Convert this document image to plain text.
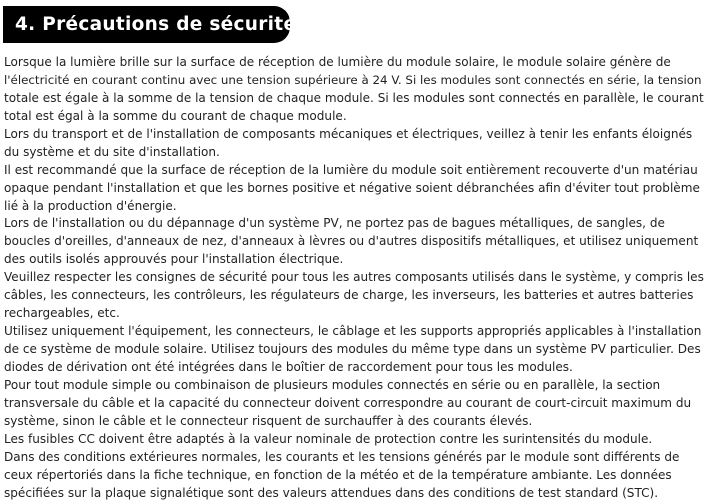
4. Précautions de sécurité
Lorsque la lumière brille sur la surface de réception de lumière du module solaire, le module solaire génère de
l'électricité en courant continu avec une tension supérieure à 24 V. Si les modules sont connectés en série, la tension
totale est égale à la somme de la tension de chaque module. Si les modules sont connectés en parallèle, le courant
total est égal à la somme du courant de chaque module.
Lors du transport et de l'installation de composants mécaniques et électriques, veillez à tenir les enfants éloignés
du système et du site d'installation.
Il est recommandé que la surface de réception de la lumière du module soit entièrement recouverte d'un matériau
opaque pendant l'installation et que les bornes positive et négative soient débranchées afin d'éviter tout problème
lié à la production d'énergie.
Lors de l'installation ou du dépannage d'un système PV, ne portez pas de bagues métalliques, de sangles, de
boucles d'oreilles, d'anneaux de nez, d'anneaux à lèvres ou d'autres dispositifs métalliques, et utilisez uniquement
des outils isolés approuvés pour l'installation électrique.
Veuillez respecter les consignes de sécurité pour tous les autres composants utilisés dans le système, y compris les
câbles, les connecteurs, les contrôleurs, les régulateurs de charge, les inverseurs, les batteries et autres batteries
rechargeables, etc.
Utilisez uniquement l'équipement, les connecteurs, le câblage et les supports appropriés applicables à l'installation
de ce système de module solaire. Utilisez toujours des modules du même type dans un système PV particulier. Des
diodes de dérivation ont été intégrées dans le boîtier de raccordement pour tous les modules.
Pour tout module simple ou combinaison de plusieurs modules connectés en série ou en parallèle, la section
transversale du câble et la capacité du connecteur doivent correspondre au courant de court-circuit maximum du
système, sinon le câble et le connecteur risquent de surchauffer à des courants élevés.
Les fusibles CC doivent être adaptés à la valeur nominale de protection contre les surintensités du module.
Dans des conditions extérieures normales, les courants et les tensions générés par le module sont différents de
ceux répertoriés dans la fiche technique, en fonction de la météo et de la température ambiante. Les données
spécifiées sur la plaque signalétique sont des valeurs attendues dans des conditions de test standard (STC).
